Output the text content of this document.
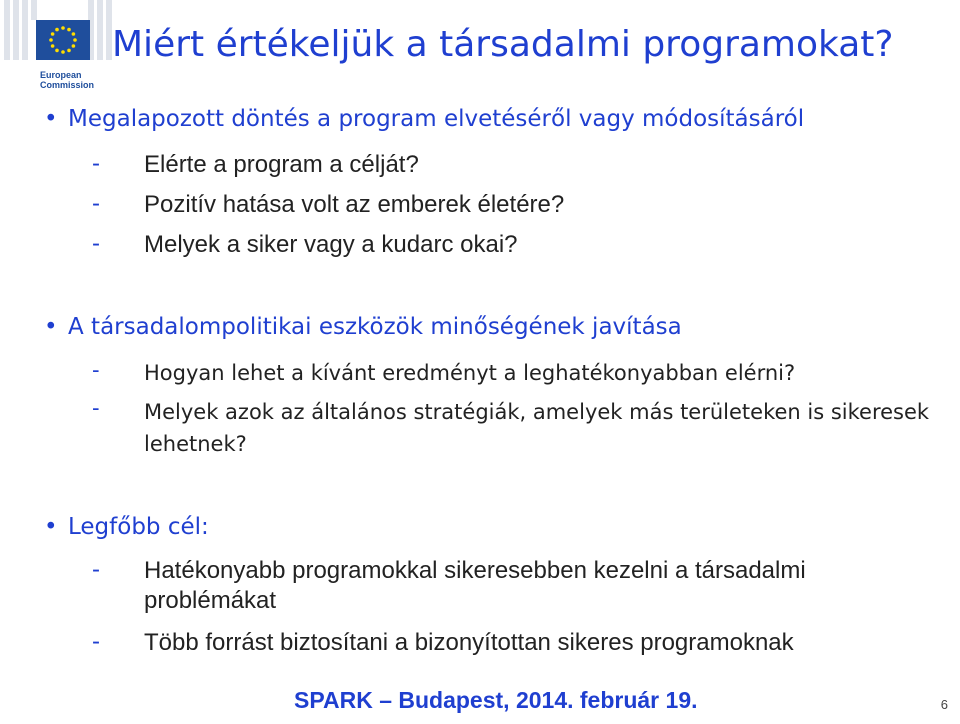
European
Commission
Miért értékeljük a társadalmi programokat?
• Megalapozott döntés a program elvetéséről vagy módosításáról
- Elérte a program a célját?
- Pozitív hatása volt az emberek életére?
- Melyek a siker vagy a kudarc okai?
• A társadalompolitikai eszközök minőségének javítása
- Hogyan lehet a kívánt eredményt a leghatékonyabban elérni?
- Melyek azok az általános stratégiák, amelyek más területeken is sikeresek lehetnek?
• Legfőbb cél:
- Hatékonyabb programokkal sikeresebben kezelni a társadalmi problémákat
- Több forrást biztosítani a bizonyítottan sikeres programoknak
SPARK – Budapest, 2014. február 19.	6
